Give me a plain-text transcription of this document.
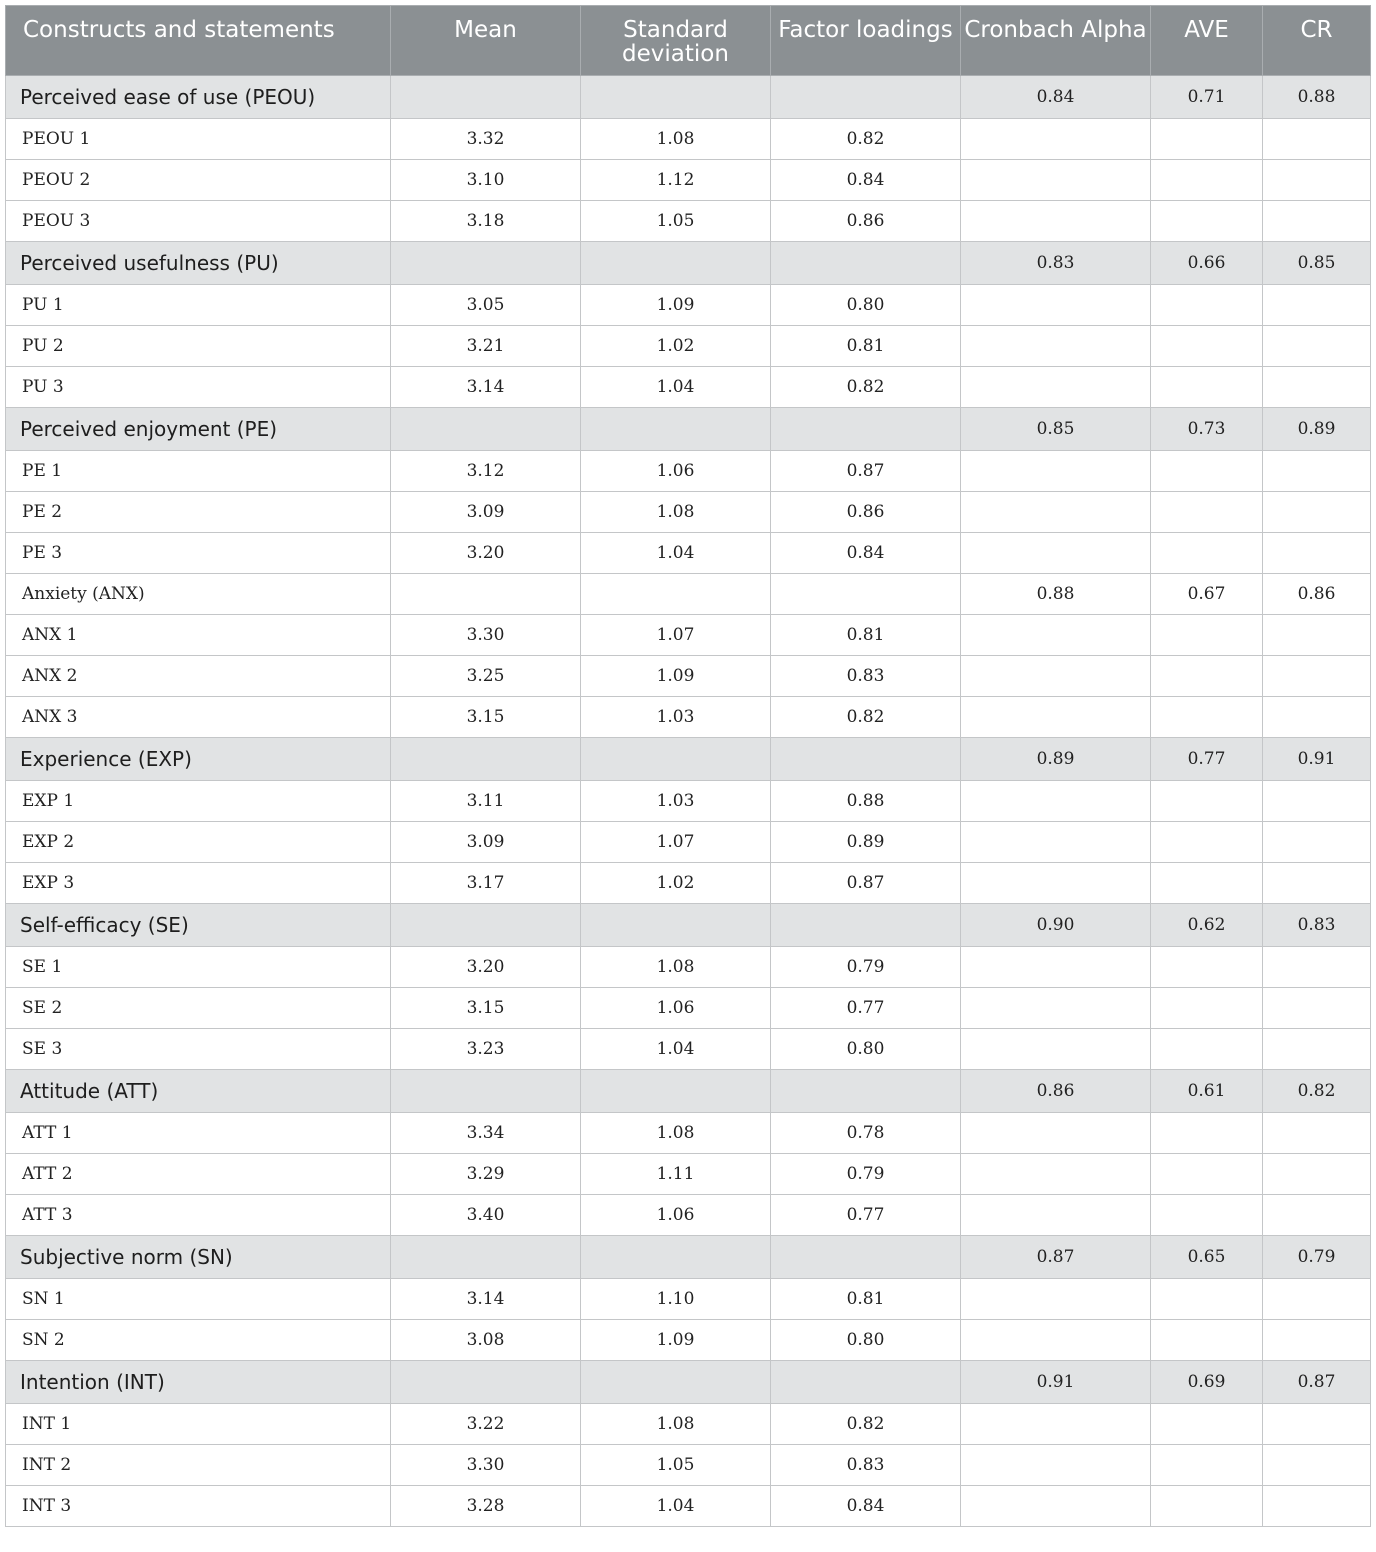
Constructs and statements	Mean	Standard deviation	Factor loadings	Cronbach Alpha	AVE	CR
Perceived ease of use (PEOU)				0.84	0.71	0.88
PEOU 1	3.32	1.08	0.82			
PEOU 2	3.10	1.12	0.84			
PEOU 3	3.18	1.05	0.86			
Perceived usefulness (PU)				0.83	0.66	0.85
PU 1	3.05	1.09	0.80			
PU 2	3.21	1.02	0.81			
PU 3	3.14	1.04	0.82			
Perceived enjoyment (PE)				0.85	0.73	0.89
PE 1	3.12	1.06	0.87			
PE 2	3.09	1.08	0.86			
PE 3	3.20	1.04	0.84			
Anxiety (ANX)				0.88	0.67	0.86
ANX 1	3.30	1.07	0.81			
ANX 2	3.25	1.09	0.83			
ANX 3	3.15	1.03	0.82			
Experience (EXP)				0.89	0.77	0.91
EXP 1	3.11	1.03	0.88			
EXP 2	3.09	1.07	0.89			
EXP 3	3.17	1.02	0.87			
Self-efficacy (SE)				0.90	0.62	0.83
SE 1	3.20	1.08	0.79			
SE 2	3.15	1.06	0.77			
SE 3	3.23	1.04	0.80			
Attitude (ATT)				0.86	0.61	0.82
ATT 1	3.34	1.08	0.78			
ATT 2	3.29	1.11	0.79			
ATT 3	3.40	1.06	0.77			
Subjective norm (SN)				0.87	0.65	0.79
SN 1	3.14	1.10	0.81			
SN 2	3.08	1.09	0.80			
Intention (INT)				0.91	0.69	0.87
INT 1	3.22	1.08	0.82			
INT 2	3.30	1.05	0.83			
INT 3	3.28	1.04	0.84			
